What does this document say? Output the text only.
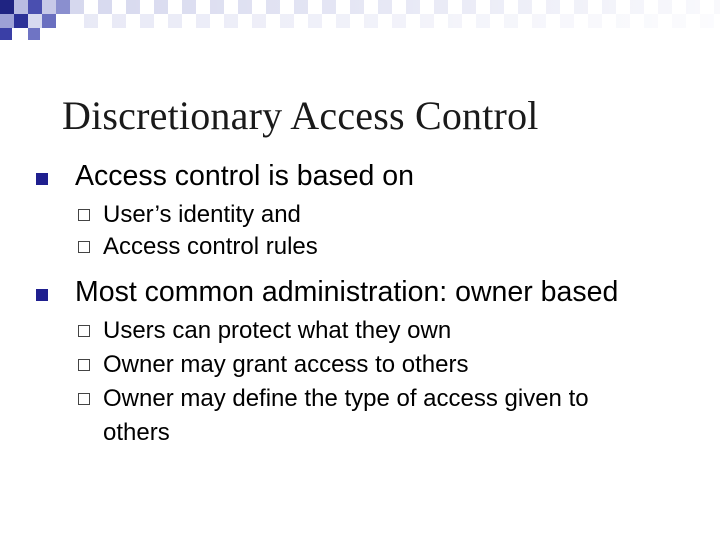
Discretionary Access Control
Access control is based on
User’s identity and
Access control rules
Most common administration: owner based
Users can protect what they own
Owner may grant access to others
Owner may define the type of access given to
others
